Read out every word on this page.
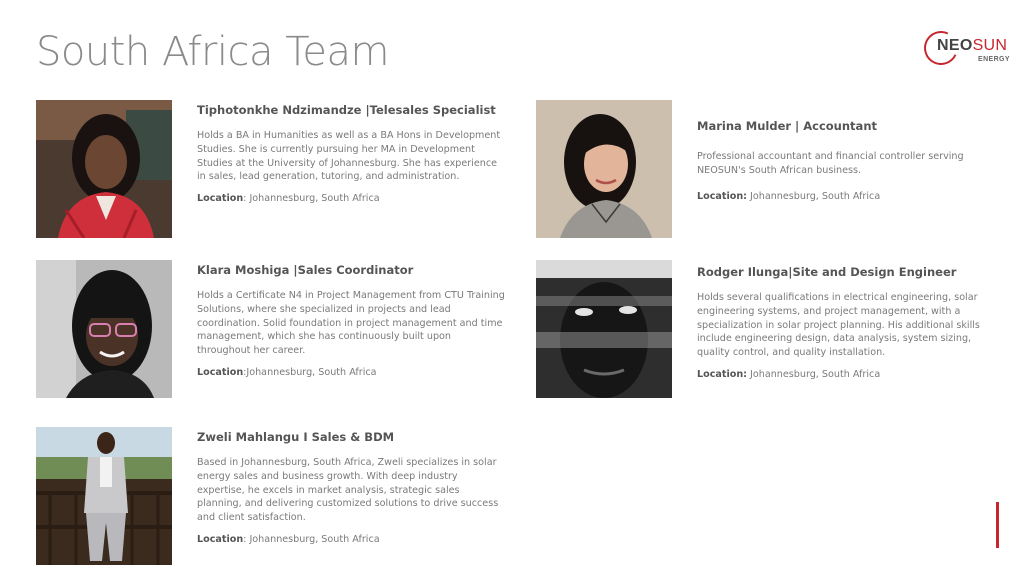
South Africa Team	NEOSUN
ENERGY
Tiphotonkhe Ndzimandze |Telesales Specialist
Holds a BA in Humanities as well as a BA Hons in Development Studies. She is currently pursuing her MA in Development Studies at the University of Johannesburg. She has experience in sales, lead generation, tutoring, and administration.
Location: Johannesburg, South Africa
Klara Moshiga |Sales Coordinator
Holds a Certificate N4 in Project Management from CTU Training Solutions, where she specialized in projects and lead coordination. Solid foundation in project management and time management, which she has continuously built upon throughout her career.
Location:Johannesburg, South Africa
Zweli Mahlangu I Sales & BDM
Based in Johannesburg, South Africa, Zweli specializes in solar energy sales and business growth. With deep industry expertise, he excels in market analysis, strategic sales planning, and delivering customized solutions to drive success and client satisfaction.
Location: Johannesburg, South Africa
Marina Mulder | Accountant
Professional accountant and financial controller serving NEOSUN's South African business.
Location: Johannesburg, South Africa
Rodger Ilunga|Site and Design Engineer
Holds several qualifications in electrical engineering, solar engineering systems, and project management, with a specialization in solar project planning. His additional skills include engineering design, data analysis, system sizing, quality control, and quality installation.
Location: Johannesburg, South Africa
